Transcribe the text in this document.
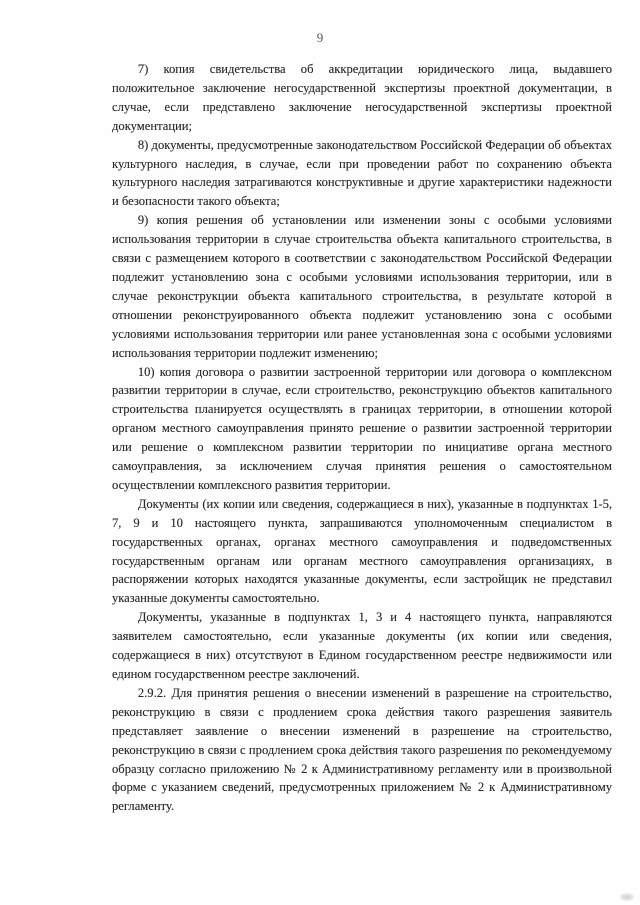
9

7) копия свидетельства об аккредитации юридического лица, выдавшего положительное заключение негосударственной экспертизы проектной документации, в случае, если представлено заключение негосударственной экспертизы проектной документации;

8) документы, предусмотренные законодательством Российской Федерации об объектах культурного наследия, в случае, если при проведении работ по сохранению объекта культурного наследия затрагиваются конструктивные и другие характеристики надежности и безопасности такого объекта;

9) копия решения об установлении или изменении зоны с особыми условиями использования территории в случае строительства объекта капитального строительства, в связи с размещением которого в соответствии с законодательством Российской Федерации подлежит установлению зона с особыми условиями использования территории, или в случае реконструкции объекта капитального строительства, в результате которой в отношении реконструированного объекта подлежит установлению зона с особыми условиями использования территории или ранее установленная зона с особыми условиями использования территории подлежит изменению;

10) копия договора о развитии застроенной территории или договора о комплексном развитии территории в случае, если строительство, реконструкцию объектов капитального строительства планируется осуществлять в границах территории, в отношении которой органом местного самоуправления принято решение о развитии застроенной территории или решение о комплексном развитии территории по инициативе органа местного самоуправления, за исключением случая принятия решения о самостоятельном осуществлении комплексного развития территории.

Документы (их копии или сведения, содержащиеся в них), указанные в подпунктах 1-5, 7, 9 и 10 настоящего пункта, запрашиваются уполномоченным специалистом в государственных органах, органах местного самоуправления и подведомственных государственным органам или органам местного самоуправления организациях, в распоряжении которых находятся указанные документы, если застройщик не представил указанные документы самостоятельно.

Документы, указанные в подпунктах 1, 3 и 4 настоящего пункта, направляются заявителем самостоятельно, если указанные документы (их копии или сведения, содержащиеся в них) отсутствуют в Едином государственном реестре недвижимости или едином государственном реестре заключений.

2.9.2. Для принятия решения о внесении изменений в разрешение на строительство, реконструкцию в связи с продлением срока действия такого разрешения заявитель представляет заявление о внесении изменений в разрешение на строительство, реконструкцию в связи с продлением срока действия такого разрешения по рекомендуемому образцу согласно приложению № 2 к Административному регламенту или в произвольной форме с указанием сведений, предусмотренных приложением № 2 к Административному регламенту.
